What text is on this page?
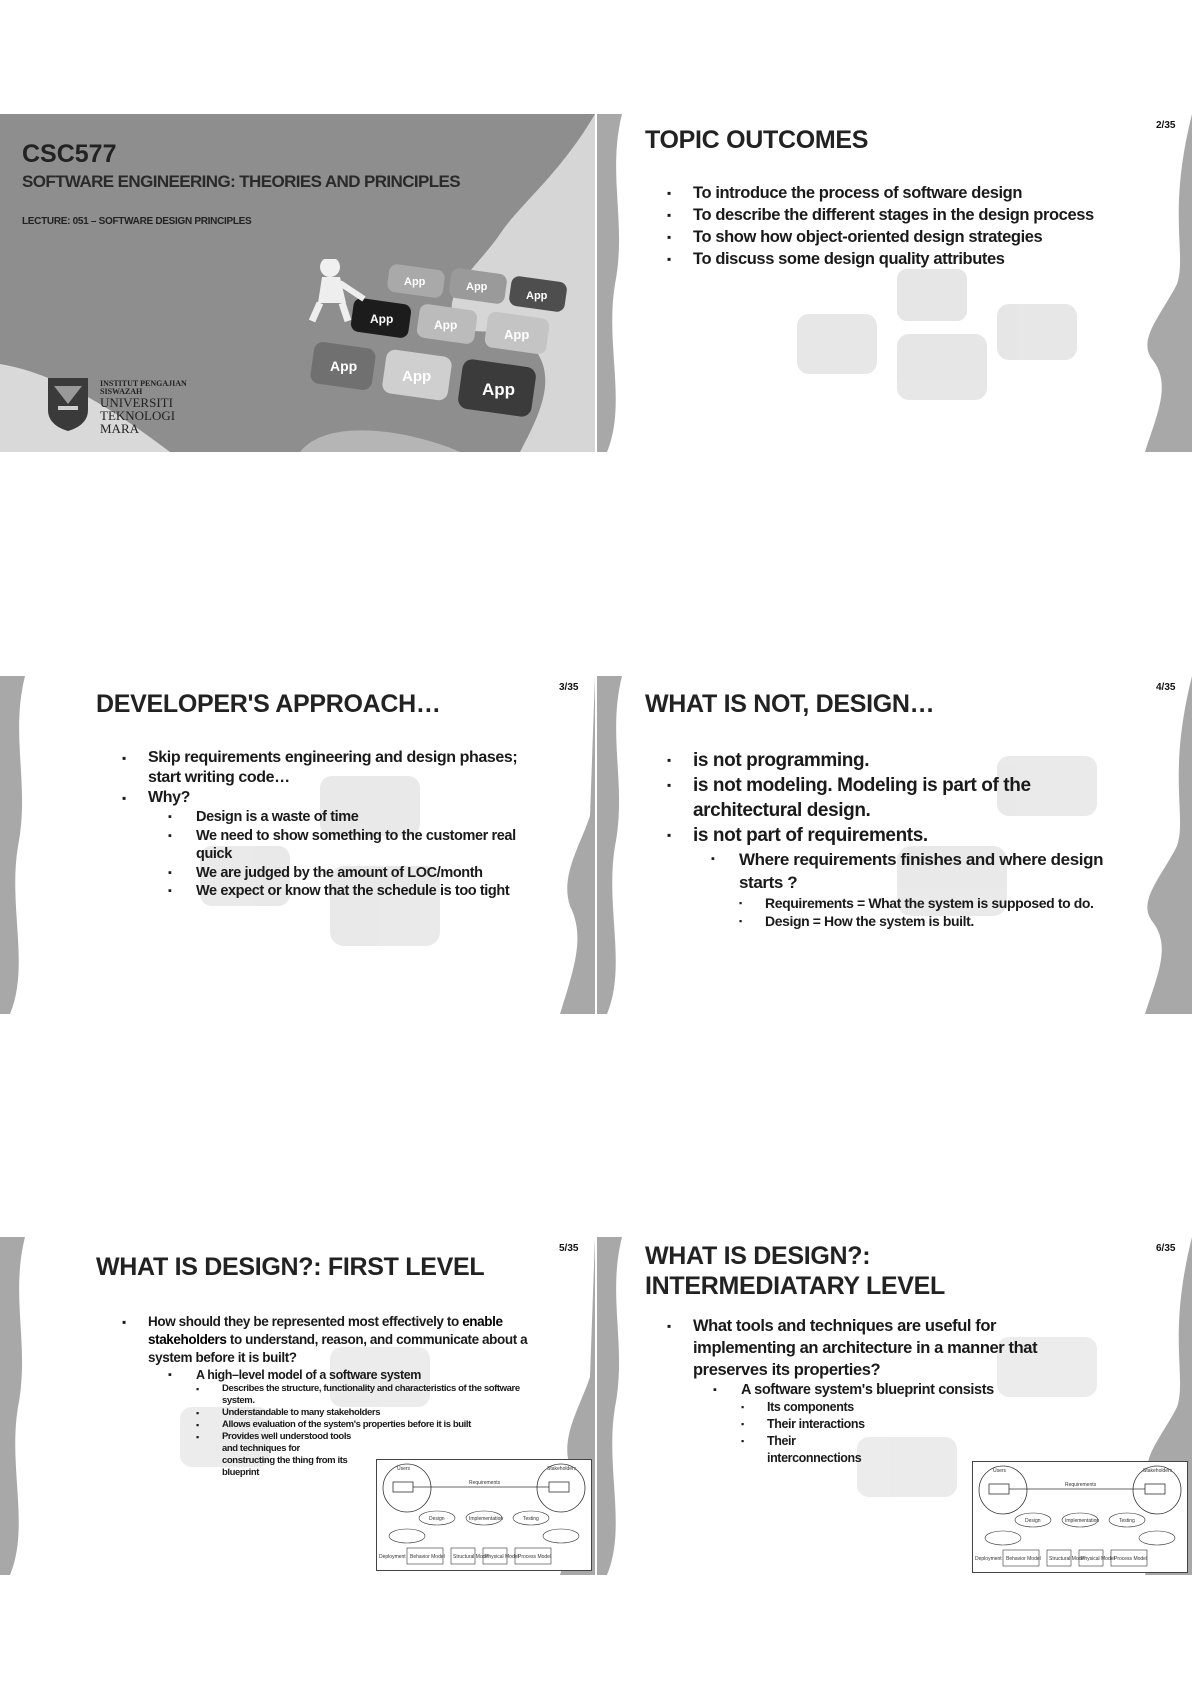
CSC577
SOFTWARE ENGINEERING: THEORIES AND PRINCIPLES
LECTURE: 051 – SOFTWARE DESIGN PRINCIPLES
App	App
App
App	App
App
App
App
App
INSTITUT PENGAJIAN
SISWAZAH
UNIVERSITI
TEKNOLOGI
MARA
2/35
TOPIC OUTCOMES
▪ To introduce the process of software design
▪ To describe the different stages in the design process
▪ To show how object-oriented design strategies
▪ To discuss some design quality attributes
3/35
DEVELOPER'S APPROACH…
▪ Skip requirements engineering and design phases; start writing code…
▪ Why?
▪ Design is a waste of time
▪ We need to show something to the customer real quick
▪ We are judged by the amount of LOC/month
▪ We expect or know that the schedule is too tight
4/35
WHAT IS NOT, DESIGN…
▪ is not programming.
▪ is not modeling. Modeling is part of the architectural design.
▪ is not part of requirements.
▪ Where requirements finishes and where design starts ?
▪ Requirements = What the system is supposed to do.
▪ Design = How the system is built.
5/35
WHAT IS DESIGN?: FIRST LEVEL
▪ How should they be represented most effectively to enable stakeholders to understand, reason, and communicate about a system before it is built?
▪ A high–level model of a software system
▪ Describes the structure, functionality and characteristics of the software system.
▪ Understandable to many stakeholders
▪ Allows evaluation of the system's properties before it is built
▪ Provides well understood tools and techniques for constructing the thing from its blueprint	Users	Stakeholders
Requirements
Design	Implementation	Testing
Behavior Model Structural Model
Physical Model Process Model
Deployment
6/35
WHAT IS DESIGN?:
INTERMEDIATARY LEVEL
▪ What tools and techniques are useful for implementing an architecture in a manner that preserves its properties?
▪ A software system's blueprint consists
▪ Its components
▪ Their interactions
▪ Their interconnections
Users	Stakeholders
Requirements
Design	Implementation	Testing
Behavior Model Structural Model
Physical Model Process Model
Deployment
